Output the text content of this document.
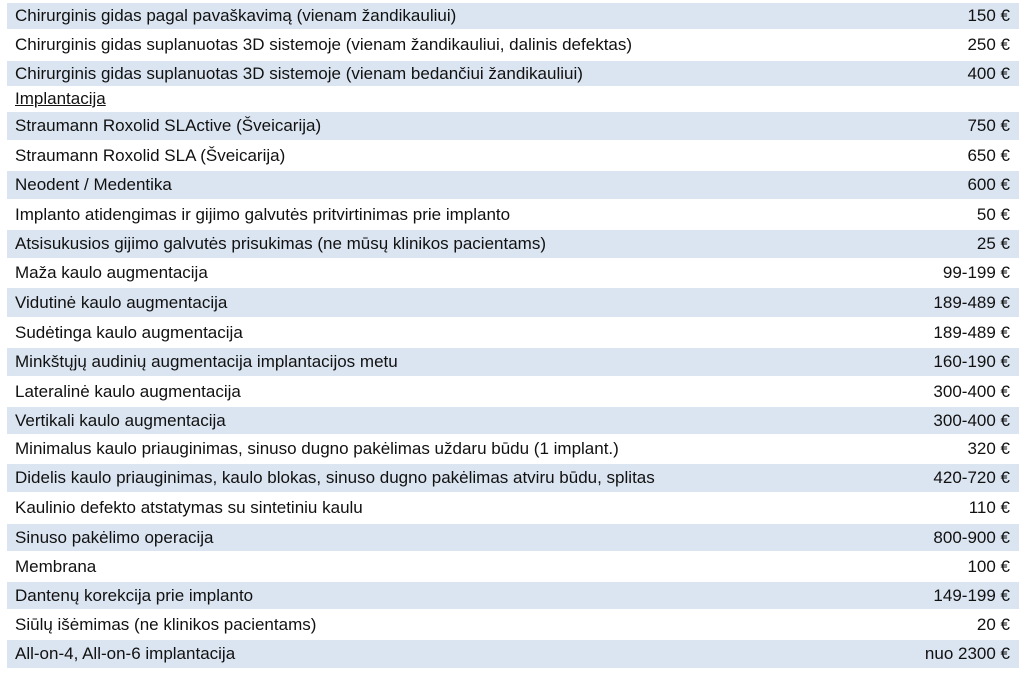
Chirurginis gidas pagal pavaškavimą (vienam žandikauliui)	150 €
Chirurginis gidas suplanuotas 3D sistemoje (vienam žandikauliui, dalinis defektas)	250 €
Chirurginis gidas suplanuotas 3D sistemoje (vienam bedančiui žandikauliui)	400 €
Implantacija	
Straumann Roxolid SLActive (Šveicarija)	750 €
Straumann Roxolid SLA (Šveicarija)	650 €
Neodent / Medentika	600 €
Implanto atidengimas ir gijimo galvutės pritvirtinimas prie implanto	50 €
Atsisukusios gijimo galvutės prisukimas (ne mūsų klinikos pacientams)	25 €
Maža kaulo augmentacija	99-199 €
Vidutinė kaulo augmentacija	189-489 €
Sudėtinga kaulo augmentacija	189-489 €
Minkštųjų audinių augmentacija implantacijos metu	160-190 €
Lateralinė kaulo augmentacija	300-400 €
Vertikali kaulo augmentacija	300-400 €
Minimalus kaulo priauginimas, sinuso dugno pakėlimas uždaru būdu (1 implant.)	320 €
Didelis kaulo priauginimas, kaulo blokas, sinuso dugno pakėlimas atviru būdu, splitas	420-720 €
Kaulinio defekto atstatymas su sintetiniu kaulu	110 €
Sinuso pakėlimo operacija	800-900 €
Membrana	100 €
Dantenų korekcija prie implanto	149-199 €
Siūlų išėmimas (ne klinikos pacientams)	20 €
All-on-4, All-on-6 implantacija	nuo 2300 €
